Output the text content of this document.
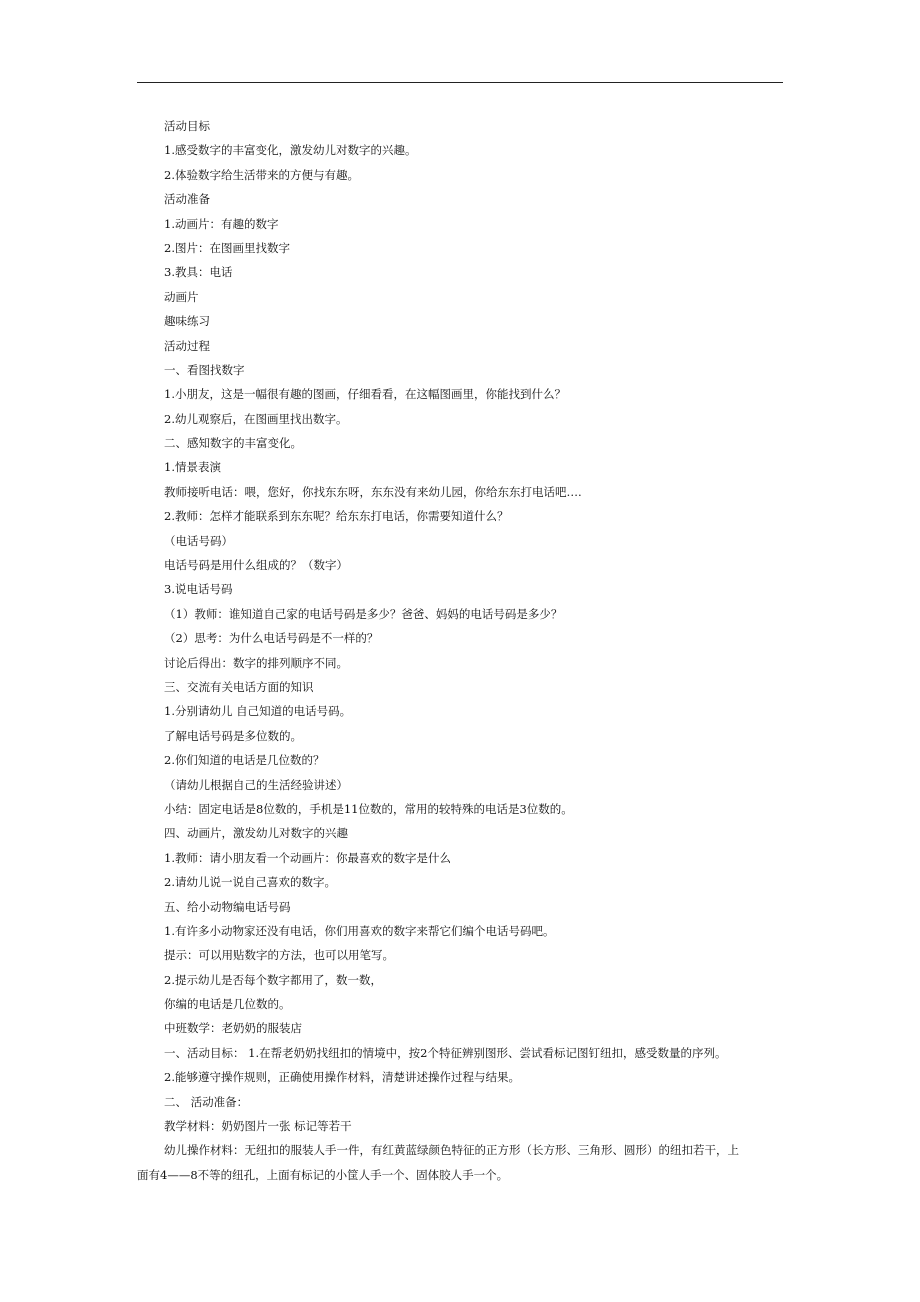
活动目标
1.感受数字的丰富变化，激发幼儿对数字的兴趣。
2.体验数字给生活带来的方便与有趣。
活动准备
1.动画片：有趣的数字
2.图片：在图画里找数字
3.教具：电话
动画片
趣味练习
活动过程
一、看图找数字
1.小朋友，这是一幅很有趣的图画，仔细看看，在这幅图画里，你能找到什么？
2.幼儿观察后，在图画里找出数字。
二、感知数字的丰富变化。
1.情景表演
教师接听电话：喂，您好，你找东东呀，东东没有来幼儿园，你给东东打电话吧….
2.教师：怎样才能联系到东东呢？给东东打电话，你需要知道什么？
（电话号码）
电话号码是用什么组成的？（数字）
3.说电话号码
（1）教师：谁知道自己家的电话号码是多少？爸爸、妈妈的电话号码是多少？
（2）思考：为什么电话号码是不一样的？
讨论后得出：数字的排列顺序不同。
三、交流有关电话方面的知识
1.分别请幼儿 自己知道的电话号码。
了解电话号码是多位数的。
2.你们知道的电话是几位数的？
（请幼儿根据自己的生活经验讲述）
小结：固定电话是8位数的，手机是11位数的，常用的较特殊的电话是3位数的。
四、动画片，激发幼儿对数字的兴趣
1.教师：请小朋友看一个动画片：你最喜欢的数字是什么
2.请幼儿说一说自己喜欢的数字。
五、给小动物编电话号码
1.有许多小动物家还没有电话，你们用喜欢的数字来帮它们编个电话号码吧。
提示：可以用贴数字的方法，也可以用笔写。
2.提示幼儿是否每个数字都用了，数一数，
你编的电话是几位数的。
中班数学：老奶奶的服装店
一、活动目标： 1.在帮老奶奶找纽扣的情境中，按2个特征辨别图形、尝试看标记图钉纽扣，感受数量的序列。
2.能够遵守操作规则，正确使用操作材料，清楚讲述操作过程与结果。
二、 活动准备：
教学材料：奶奶图片一张 标记等若干
幼儿操作材料：无纽扣的服装人手一件，有红黄蓝绿颜色特征的正方形（长方形、三角形、圆形）的纽扣若干，上
面有4——8不等的纽孔，上面有标记的小筐人手一个、固体胶人手一个。
